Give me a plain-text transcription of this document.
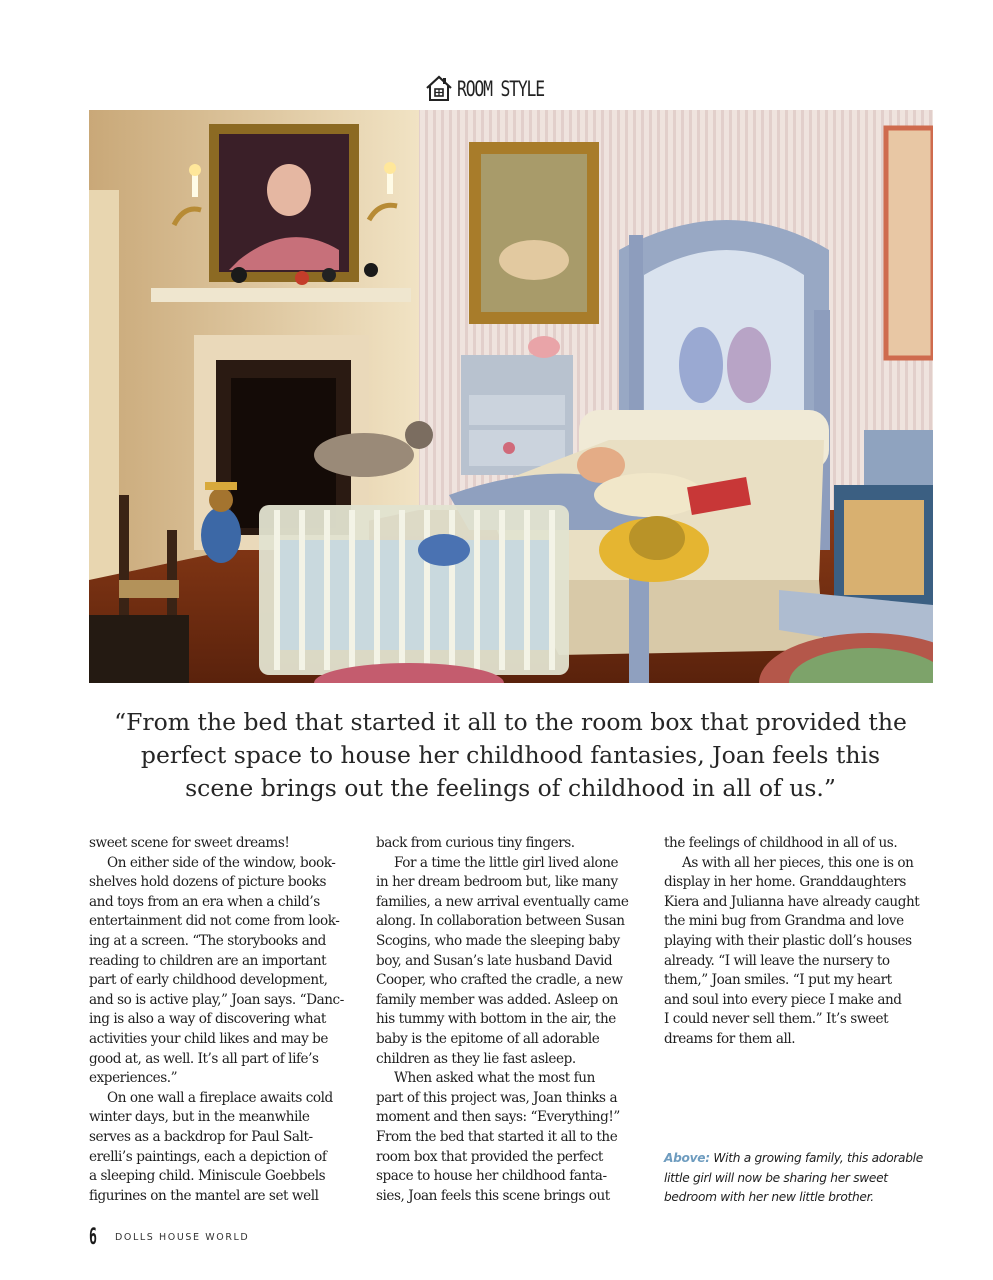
ROOM STYLE
“From the bed that started it all to the room box that provided the
perfect space to house her childhood fantasies, Joan feels this
scene brings out the feelings of childhood in all of us.”

sweet scene for sweet dreams!

On either side of the window, book-

shelves hold dozens of picture books

and toys from an era when a child’s

entertainment did not come from look-

ing at a screen. “The storybooks and

reading to children are an important

part of early childhood development,

and so is active play,” Joan says. “Danc-

ing is also a way of discovering what

activities your child likes and may be

good at, as well. It’s all part of life’s

experiences.”

On one wall a fireplace awaits cold

winter days, but in the meanwhile

serves as a backdrop for Paul Salt-

erelli’s paintings, each a depiction of

a sleeping child. Miniscule Goebbels

figurines on the mantel are set well

back from curious tiny fingers.

For a time the little girl lived alone

in her dream bedroom but, like many

families, a new arrival eventually came

along. In collaboration between Susan

Scogins, who made the sleeping baby

boy, and Susan’s late husband David

Cooper, who crafted the cradle, a new

family member was added. Asleep on

his tummy with bottom in the air, the

baby is the epitome of all adorable

children as they lie fast asleep.

When asked what the most fun

part of this project was, Joan thinks a

moment and then says: “Everything!”

From the bed that started it all to the

room box that provided the perfect

space to house her childhood fanta-

sies, Joan feels this scene brings out

the feelings of childhood in all of us.

As with all her pieces, this one is on

display in her home. Granddaughters

Kiera and Julianna have already caught

the mini bug from Grandma and love

playing with their plastic doll’s houses

already. “I will leave the nursery to

them,” Joan smiles. “I put my heart

and soul into every piece I make and

I could never sell them.” It’s sweet

dreams for them all.

Above: With a growing family, this adorable

little girl will now be sharing her sweet

bedroom with her new little brother.

6 DOLLS HOUSE WORLD
